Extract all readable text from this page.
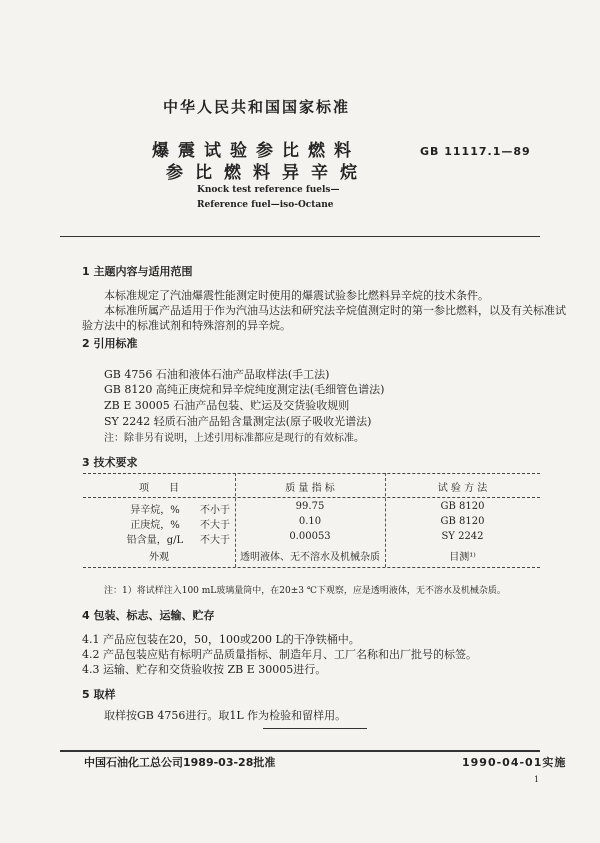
中华人民共和国国家标准
爆震试验参比燃料
参比燃料异辛烷
GB 11117.1—89
Knock test reference fuels—
Reference fuel—iso-Octane
1 主题内容与适用范围
本标准规定了汽油爆震性能测定时使用的爆震试验参比燃料异辛烷的技术条件。
本标准所属产品适用于作为汽油马达法和研究法辛烷值测定时的第一参比燃料，以及有关标准试
验方法中的标准试剂和特殊溶剂的异辛烷。
2 引用标准
GB 4756 石油和液体石油产品取样法(手工法)
GB 8120 高纯正庚烷和异辛烷纯度测定法(毛细管色谱法)
ZB E 30005 石油产品包装、贮运及交货验收规则
SY 2242 轻质石油产品铅含量测定法(原子吸收光谱法)
注：除非另有说明，上述引用标准都应是现行的有效标准。
3 技术要求
项　　目	质 量 指 标	试 验 方 法
异辛烷，%	不小于	99.75	GB 8120
正庚烷，%	不大于	0.10	GB 8120
铅含量，g/L	不大于	0.00053	SY 2242
外观	透明液体、无不溶水及机械杂质	目测¹⁾
注：1）将试样注入100 mL玻璃量筒中，在20±3 ℃下观察，应是透明液体，无不溶水及机械杂质。
4 包装、标志、运输、贮存
4.1 产品应包装在20，50，100或200 L的干净铁桶中。
4.2 产品包装应贴有标明产品质量指标、制造年月、工厂名称和出厂批号的标签。
4.3 运输、贮存和交货验收按 ZB E 30005进行。
5 取样
取样按GB 4756进行。取1L 作为检验和留样用。
中国石油化工总公司1989-03-28批准	1990-04-01实施
1
